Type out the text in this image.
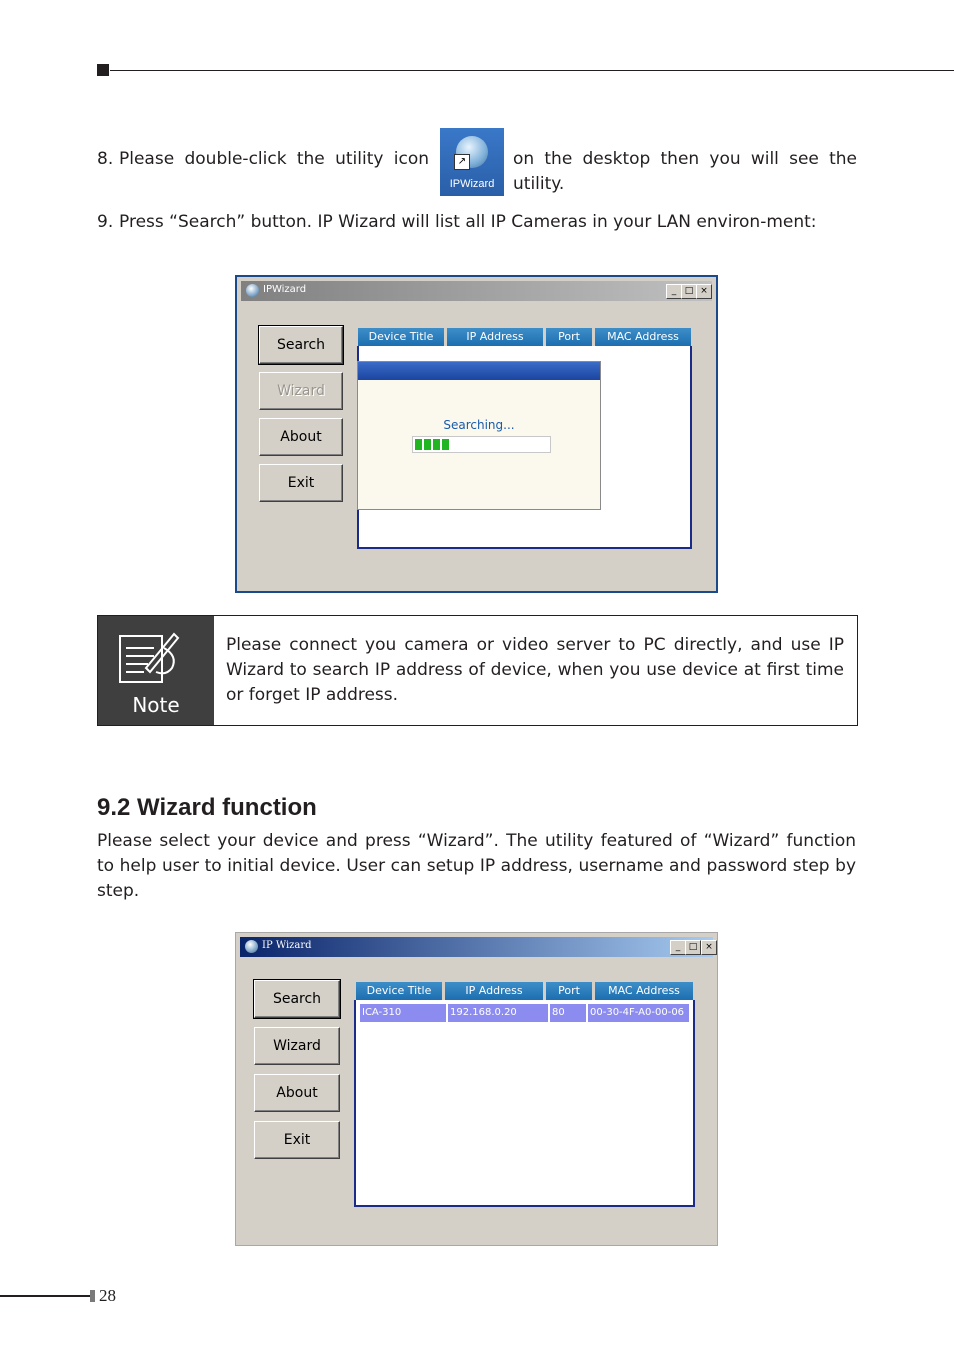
8. Please double-click the utility icon	↗
IPWizard
on the desktop then you will see the utility.
9. Press “Search” button. IP Wizard will list all IP Cameras in your LAN environ-ment:
IPWizard	_ □ ×
Search
Wizard
About
Exit
Device Title	IP Address	Port	MAC Address
Searching...
Note
Please connect you camera or video server to PC directly, and use IP Wizard to search IP address of device, when you use device at first time or forget IP address.
9.2 Wizard function
Please select your device and press “Wizard”. The utility featured of “Wizard” function to help user to initial device. User can setup IP address, username and password step by step.
IP Wizard	_ □ ×
Search
Wizard
About
Exit
Device Title	IP Address	Port	MAC Address
ICA-310	192.168.0.20	80	00-30-4F-A0-00-06
28
